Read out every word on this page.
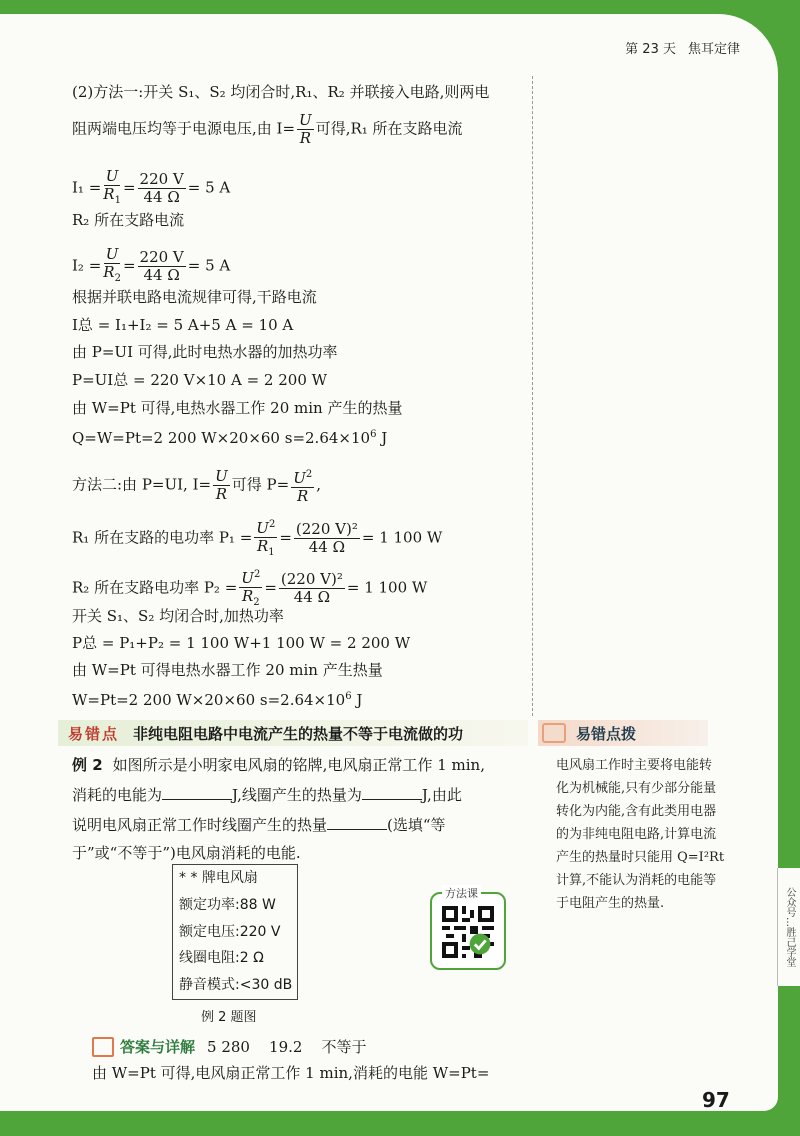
第 23 天 焦耳定律
(2)方法一:开关 S₁、S₂ 均闭合时,R₁、R₂ 并联接入电路,则两电
阻两端电压均等于电源电压,由 $I= \frac{U}{R}$ 可得,R₁ 所在支路电流
$I_1 = \frac{U}{R_1} = \frac{220 V}{44 \Omega} = 5$ A
R₂ 所在支路电流
$I_2 = \frac{U}{R_2} = \frac{220 V}{44 \Omega} = 5$ A
根据并联电路电流规律可得,干路电流
I总 = I₁+I₂ = 5 A+5 A = 10 A
由 P=UI 可得,此时电热水器的加热功率
P=UI总 = 220 V×10 A = 2 200 W
由 W=Pt 可得,电热水器工作 20 min 产生的热量
Q=W=Pt=2 200 W×20×60 $s=2.64\times 10^6$ J
方法二:由 P=UI, $I= \frac{U}{R}$ 可得 $P= \frac{U^2}{R}$ ,
R₁ 所在支路的电功率 $P_1 = \frac{U^2}{R_1} = \frac{\text{(220 V)²}}{44 \Omega} = 1$ 100 W
R₂ 所在支路电功率 $P_2 = \frac{U^2}{R_2} = \frac{\text{(220 V)²}}{44 \Omega} = 1$ 100 W
开关 S₁、S₂ 均闭合时,加热功率
P总 = P₁+P₂ = 1 100 W+1 100 W = 2 200 W
由 W=Pt 可得电热水器工作 20 min 产生热量
W=Pt=2 200 W×20×60 $s=2.64\times 10^6$ J
易错点 非纯电阻电路中电流产生的热量不等于电流做的功	易错点拨
电风扇工作时主要将电能转
化为机械能,只有少部分能量
转化为内能,含有此类用电器
的为非纯电阻电路,计算电流
产生的热量时只能用 Q=I²Rt
计算,不能认为消耗的电能等
于电阻产生的热量.
例 2 如图所示是小明家电风扇的铭牌,电风扇正常工作 1 min,
消耗的电能为	J,线圈产生的热量为	J,由此
说明电风扇正常工作时线圈产生的热量	(选填“等
于”或“不等于”)电风扇消耗的电能.
* * 牌电风扇
额定功率:88 W
额定电压:220 V
线圈电阻:2 Ω
静音模式:<30 dB
例 2 题图
方法课
答案与详解 5 280    19.2    不等于
由 W=Pt 可得,电风扇正常工作 1 min,消耗的电能 W=Pt=
97
公众号…胜己学堂
